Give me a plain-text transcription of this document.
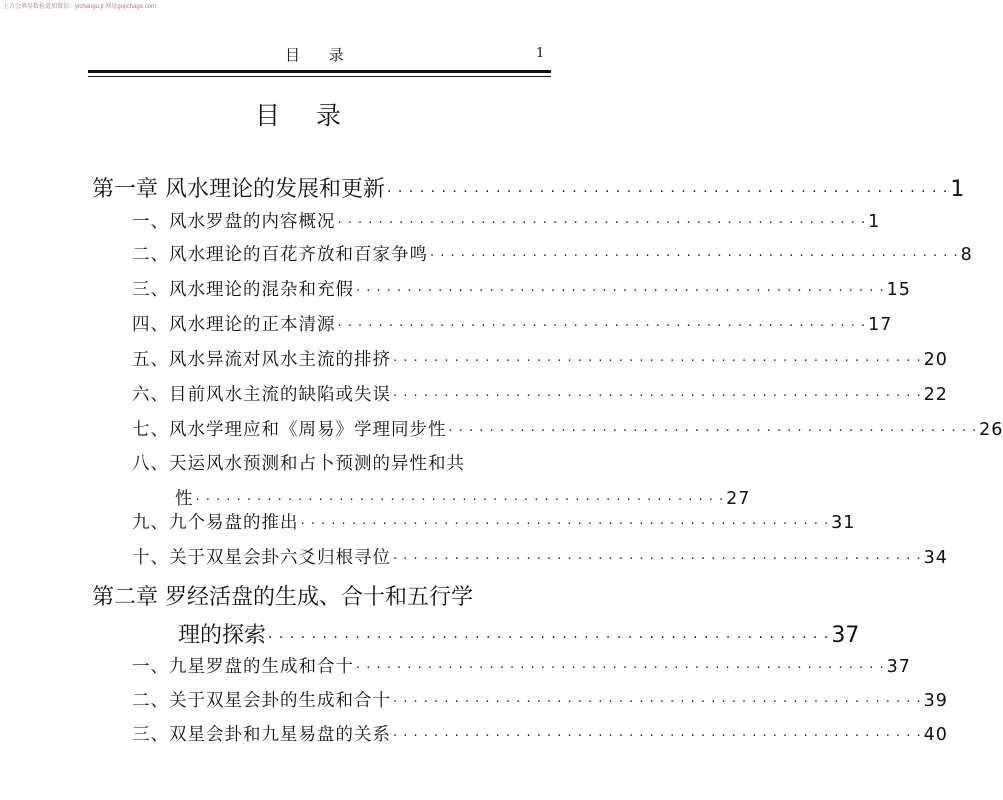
上方会填易数检道加微信：yichangu.jt 网址gujichage.com
目 录	1
目 录
第一章 风水理论的发展和更新 · · · · · · · · · · · · · · · · · · · · · · · · · · · · · · · · · · · · · · · · · · · · · · · · · · · · 1
一、风水罗盘的内容概况 · · · · · · · · · · · · · · · · · · · · · · · · · · · · · · · · · · · · · · · · · · · · · · · · · · · · 1
二、风水理论的百花齐放和百家争鸣 · · · · · · · · · · · · · · · · · · · · · · · · · · · · · · · · · · · · · · · · · · · · · · · · · · · · 8
三、风水理论的混杂和充假 · · · · · · · · · · · · · · · · · · · · · · · · · · · · · · · · · · · · · · · · · · · · · · · · · · · · 15
四、风水理论的正本清源 · · · · · · · · · · · · · · · · · · · · · · · · · · · · · · · · · · · · · · · · · · · · · · · · · · · · 17
五、风水异流对风水主流的排挤 · · · · · · · · · · · · · · · · · · · · · · · · · · · · · · · · · · · · · · · · · · · · · · · · · · · · 20
六、目前风水主流的缺陷或失误 · · · · · · · · · · · · · · · · · · · · · · · · · · · · · · · · · · · · · · · · · · · · · · · · · · · · 22
七、风水学理应和《周易》学理同步性 · · · · · · · · · · · · · · · · · · · · · · · · · · · · · · · · · · · · · · · · · · · · · · · · · · · · 26
八、天运风水预测和占卜预测的异性和共
性 · · · · · · · · · · · · · · · · · · · · · · · · · · · · · · · · · · · · · · · · · · · · · · · · · · · · 27
九、九个易盘的推出 · · · · · · · · · · · · · · · · · · · · · · · · · · · · · · · · · · · · · · · · · · · · · · · · · · · · 31
十、关于双星会卦六爻归根寻位 · · · · · · · · · · · · · · · · · · · · · · · · · · · · · · · · · · · · · · · · · · · · · · · · · · · · 34
第二章 罗经活盘的生成、合十和五行学
理的探索 · · · · · · · · · · · · · · · · · · · · · · · · · · · · · · · · · · · · · · · · · · · · · · · · · · · · 37
一、九星罗盘的生成和合十 · · · · · · · · · · · · · · · · · · · · · · · · · · · · · · · · · · · · · · · · · · · · · · · · · · · · 37
二、关于双星会卦的生成和合十 · · · · · · · · · · · · · · · · · · · · · · · · · · · · · · · · · · · · · · · · · · · · · · · · · · · · 39
三、双星会卦和九星易盘的关系 · · · · · · · · · · · · · · · · · · · · · · · · · · · · · · · · · · · · · · · · · · · · · · · · · · · · 40
